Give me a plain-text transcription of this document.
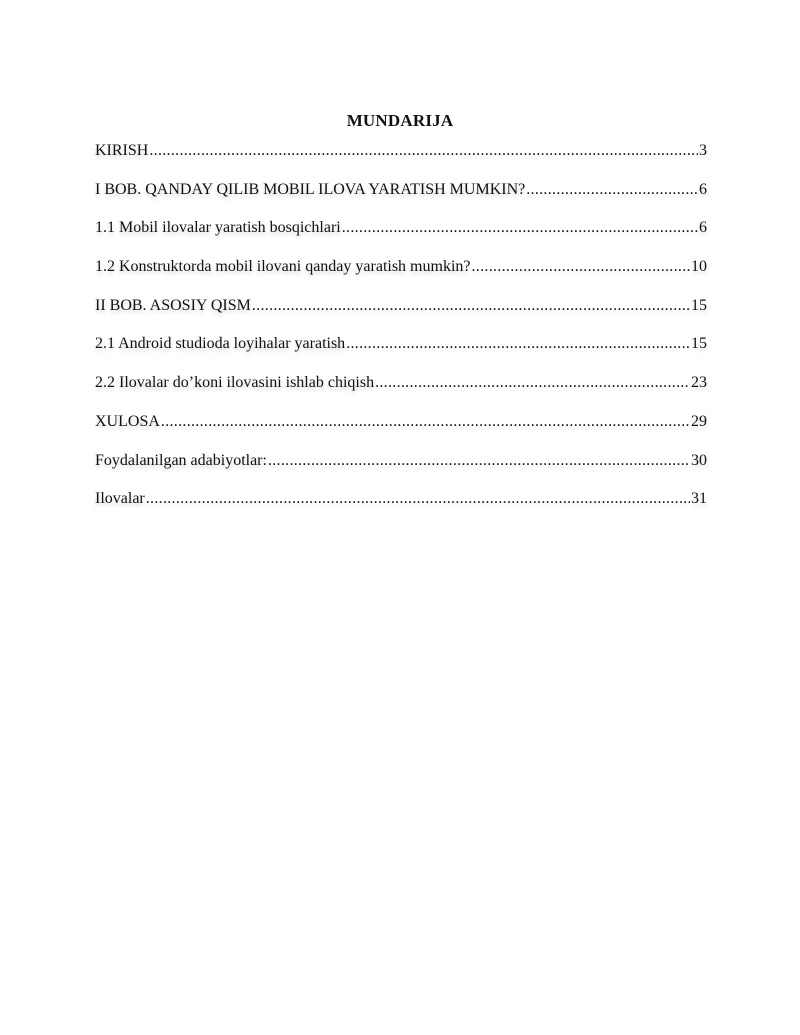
MUNDARIJA
KIRISH .....	3
I BOB. QANDAY QILIB MOBIL ILOVA YARATISH MUMKIN? .....	6
1.1 Mobil ilovalar yaratish bosqichlari .....	6
1.2 Konstruktorda mobil ilovani qanday yaratish mumkin? .....	10
II BOB. ASOSIY QISM .....	15
2.1 Android studioda loyihalar yaratish .....	15
2.2 Ilovalar do’koni ilovasini ishlab chiqish .....	23
XULOSA .....	29
Foydalanilgan adabiyotlar: .....	30
Ilovalar .....	31
